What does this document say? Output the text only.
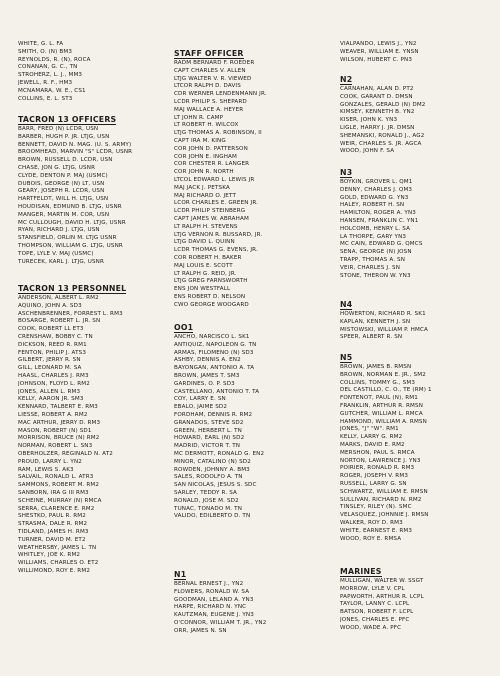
WHITE, G. L. FA
SMITH, O. (N) BM3
REYNOLDS, R. (N), ROCA
CONANAN, G. C., TN
STROHERZ, L. J., MM3
JEWELL, R. F., HM3
MCNAMARA, W. E., CS1
COLLINS, E. L. ST3
TACRON 13 OFFICERS
BARR, FRED (N) LCDR, USN
BARBER, HUGH P. JR. LTJG, USN
BENNETT, DAVID N. MAG. (U. S. ARMY)
BROOMHEAD, MARVIN "S" LCDR, USNR
BROWN, RUSSELL D. LCDR, USN
CHASE, JON G. LTJG, USNR
CLYDE, DENTON P. MAJ (USMC)
DUBOIS, GEORGE (N) LT, USN
GEARY, JOSEPH R. LCDR, USN
HARTFELDT, WILL H. LTJG, USN
HOUDISAN, EDMUND B. LTJG, USNR
MANGER, MARTIN M. COR, USN
MC CULLOUGH, DAVID H. LTJG, USNR
RYAN, RICHARD J. LTJG, USN
STANSFIELD, ORLIN M. LTJG USNR
THOMPSON, WILLIAM G. LTJG, USNR
TOPE, LYLE V. MAJ (USMC)
TURECEK, KARL J. LTJG, USNR
TACRON 13 PERSONNEL
ANDERSON, ALBERT L. RM2
AQUINO, JOHN A. SD3
ASCHENBRENNER, FORREST L. RM3
BOSARGE, ROBERT L. JR. SN
COOK, ROBERT LL ET3
CRENSHAW, BOBBY C. TN
DICKSON, REED R. RM1
FENTON, PHILIP J. ATS3
GILBERT, JERRY R. SN
GILL, LEONARD M. SA
HAASL, CHARLES J. RM3
JOHNSON, FLOYD L. RM2
JONES, ALLEN L. RM3
KELLY, AARON JR. SM3
KENNARD, TALBERT E. RM3
LIESSE, ROBERT A. RM2
MAC ARTHUR, JERRY D. RM3
MASON, ROBERT (N) SD1
MORRISON, BRUCE (N) RM2
NORMAN, ROBERT L. SN3
OBERHOLZER, REGINALD N. AT2
PROUD, LARRY L. YN2
RAM, LEWIS S. AK3
SALVAIL, RONALD L. ATR3
SAMMONS, ROBERT M. RM2
SANBORN, IRA G III RM3
SCHEINE, MURRAY (N) RMCA
SERRA, CLARENCE E. RM2
SHESTKO, PAUL R. RM2
STRASMA, DALE R. RM2
TIDLAND, JAMES H. RM3
TURNER, DAVID M. ET2
WEATHERSBY, JAMES L. TN
WHITLEY, JOE K. RM2
WILLIAMS, CHARLES O. ET2
WILLIMOND, ROY E. RM2
STAFF OFFICER
RADM BERNARD F. ROEDER
CAPT CHARLES V. ALLEN
LTJG WALTER V. R. VIEWED
LTCOR RALPH D. DAVIS
CDR WERNER LENDENMANN JR.
LCDR PHILIP S. SHEPARD
MAJ WALLACE A. HEYER
LT JOHN R. CAMP
LT ROBERT H. WILCOX
LTJG THOMAS A. ROBINSON, II
CAPT IRA M. KING
COR JOHN D. PATTERSON
COR JOHN E. INGHAM
COR CHESTER R. LANGER
COR JOHN R. NORTH
LTCOL EDWARD L. LEWIS JR
MAJ JACK J. PETSKA
MAJ RICHARD O. JETT
LCOR CHARLES E. GREEN JR.
LCDR PHILIP STEINBERG
CAPT JAMES W. ABRAHAM
LT RALPH H. STEVENS
LTJG VERNON R. BUSSARD, JR.
LTJG DAVID L. QUINN
LCDR THOMAS G. EVENS, JR.
COR ROBERT H. BAKER
MAJ LOUIS E. SCOTT
LT RALPH G. REID, JR.
LTJG GREG FARNSWORTH
ENS JON WESTFALL
ENS ROBERT D. NELSON
CWO GEORGE WOOGARD
OO1
ANCHO, NARCISCO L. SK1
ANTIQUIZ, NAPOLEON G. TN
ARMAS, FILOMENO (N) SD3
ASHBY, DENNIS A. EN2
BAYONGAN, ANTONIO A. TA
BROWN, JAMES T. SM3
GARDINES, O. P. SD3
CASTELLANO, ANTONIO T. TA
COY, LARRY E. SN
EBALO, JAIME SD2
FORDHAM, DENNIS R. RM2
GRANADOS, STEVE SD2
GREEN, HERBERT L. TN
HOWARD, EARL (N) SD2
MADRID, VICTOR T. TN
MC DERMOTT, RONALD G. EN2
MINOR, CATALINO (N) SD2
ROWDEN, JOHNNY A. BM3
SALES, RODOLFO A. TN
SAN NICOLAS, JESUS S. SDC
SARLEY, TEDDY R. SA
RONALD, JOSE M. SD2
TUNAC, TONADO M. TN
VALIDO, EDILBERTO D. TN
N1
BERNAL ERNEST J., YN2
FLOWERS, RONALD W. SA
GOODMAN, LELAND A. YN3
HARPE, RICHARD N. YNC
KAUTZMAN, EUGENE J. YN3
O'CONNOR, WILLIAM T. JR., YN2
ORR, JAMES N. SN
VIALPANDO, LEWIS J., YN2
WEAVER, WILLIAM E. YNSN
WILSON, HUBERT C. PN3
N2
CARNAHAN, ALAN D. PT2
COOK, GARANT D. DMSN
GONZALES, GERALD (N) DM2
KIMSEY, KENNETH B. YN2
KISER, JOHN K. YN3
LIGLE, HARRY J. JR. DMSN
SHEMANSKI, RONALD J., AG2
WEIR, CHARLES S. JR. AGCA
WOOD, JOHN F. SA
N3
BOYKIN, GROVER L. QM1
DENNY, CHARLES J. QM3
GOLD, EDWARD G. YN3
HALEY, ROBERT H. SN
HAMILTON, ROGER A. YN3
HANSEN, FRANKLIN C. YN1
HOLCOMB, HENRY L. SA
LA THORPE, GARY YN3
MC CAIN, EDWARD G. QMCS
SENA, GEORGE (N) JOSN
TRAPP, THOMAS A. SN
VEIR, CHARLES J. SN
STONE, THERON W. YN3
N4
HOWERTON, RICHARD R. SK1
KAPLAN, KENNETH J. SN
MISTOWSKI, WILLIAM P. HMCA
SPEER, ALBERT R. SN
N5
BROWN, JAMES B. RMSN
BROWN, NORMAN E. JR., SM2
COLLINS, TOMMY G., SM3
DEL CASTILLO, C. O., TE (RM) 1
FONTENOT, PAUL (N), RM1
FRANKLIN, ARTHUR R. RMSN
GUTCHER, WILLIAM L. RMCA
HAMMOND, WILLIAM A. RMSN
JONES, "J" "W". RM1
KELLY, LARRY G. RM2
MARKS, DAVID E. RM2
MERSHON, PAUL S. RMCA
NORTON, LAWRENCE J. YN3
POIRIER, RONALD R. RM3
ROGER, JOSEPH V. RM3
RUSSELL, LARRY G. SN
SCHWARTZ, WILLIAM E. RMSN
SULLIVAN, RICHARD N. RM2
TINSLEY, RILEY (N). SMC
VELASQUEZ, JOHNNIE J. RMSN
WALKER, ROY D. RM3
WHITE, EARNEST E. RM3
WOOD, ROY E. RMSA
MARINES
MULLIGAN, WALTER W. SSGT
MORROW, LYLE V. CPL
PAPWORTH, ARTHUR R. LCPL
TAYLOR, LANNY C. LCPL
BATSON, ROBERT F. LCPL
JONES, CHARLES E. PFC
WOOD, WADE A. PFC
